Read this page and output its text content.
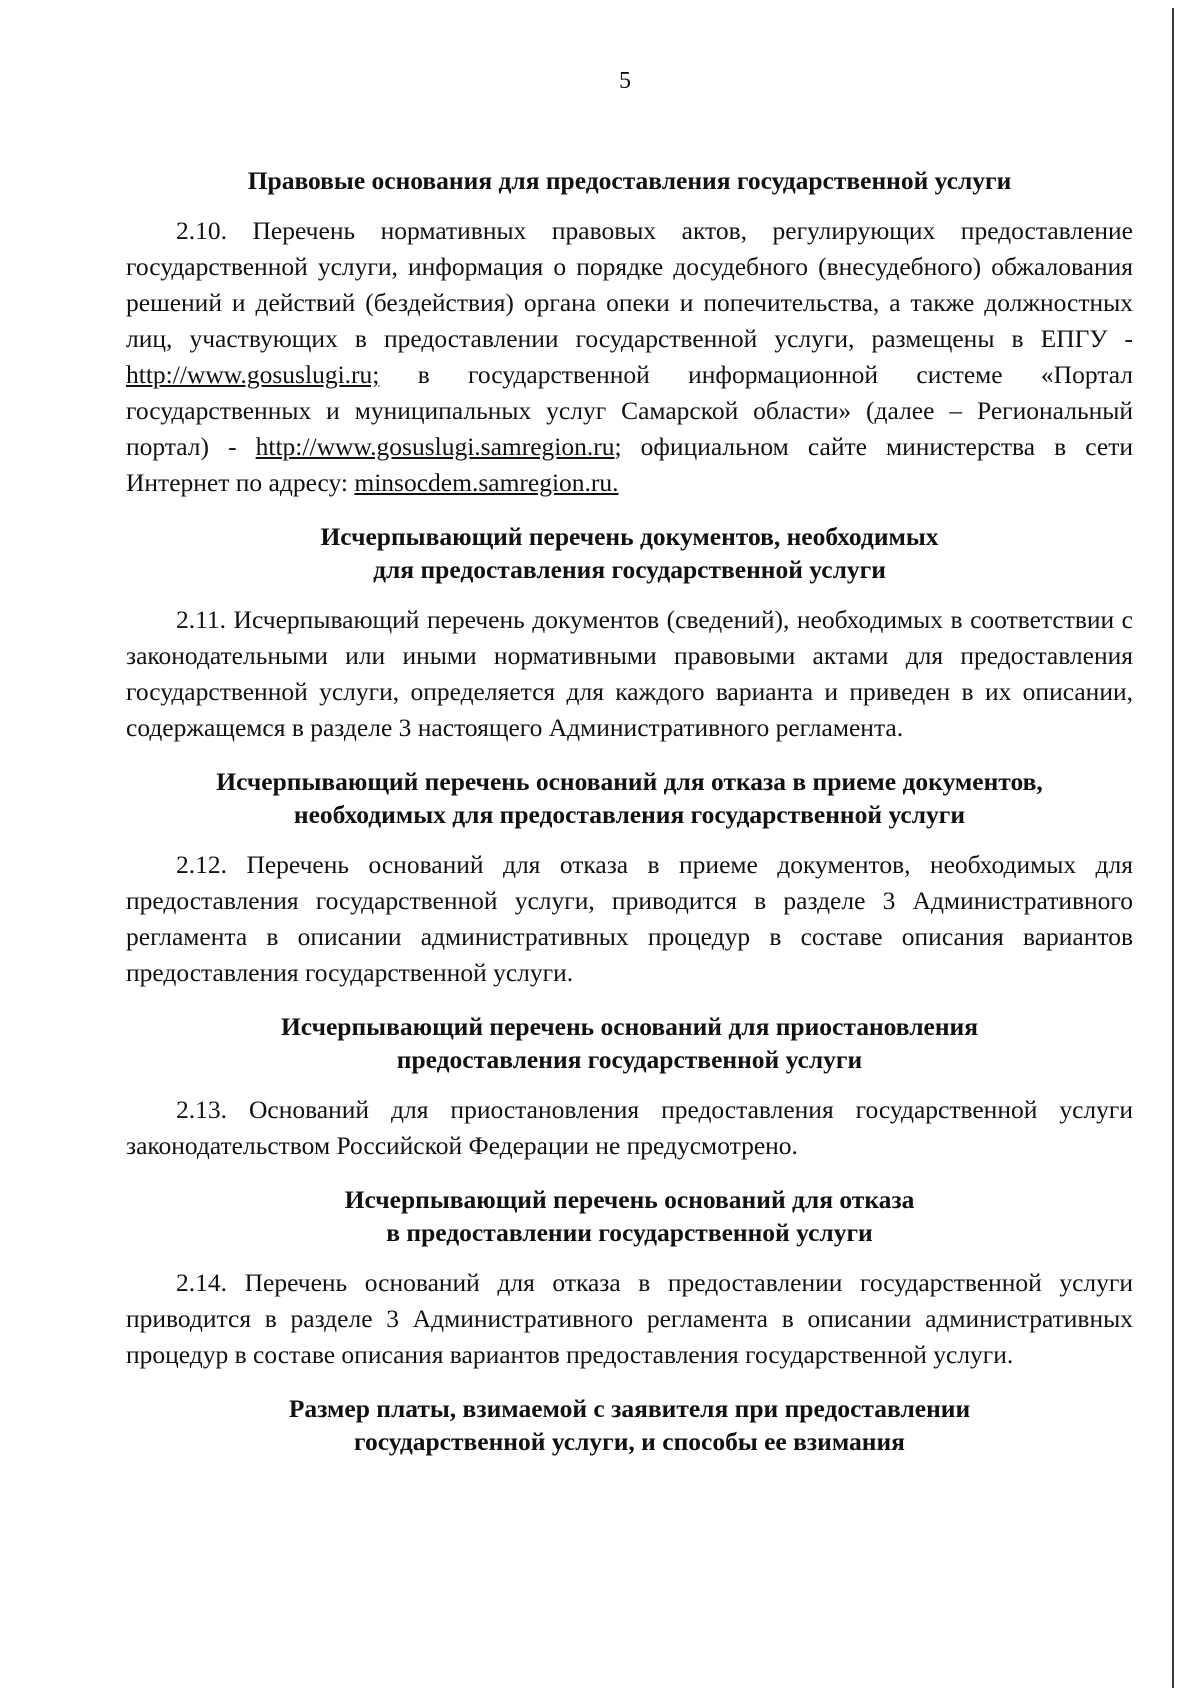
5
Правовые основания для предоставления государственной услуги

2.10. Перечень нормативных правовых актов, регулирующих предоставление государственной услуги, информация о порядке досудебного (внесудебного) обжалования решений и действий (бездействия) органа опеки и попечительства, а также должностных лиц, участвующих в предоставлении государственной услуги, размещены в ЕПГУ - http://www.gosuslugi.ru; в государственной информационной системе «Портал государственных и муниципальных услуг Самарской области» (далее – Региональный портал) - http://www.gosuslugi.samregion.ru; официальном сайте министерства в сети Интернет по адресу: minsocdem.samregion.ru.

Исчерпывающий перечень документов, необходимых
для предоставления государственной услуги

2.11. Исчерпывающий перечень документов (сведений), необходимых в соответствии с законодательными или иными нормативными правовыми актами для предоставления государственной услуги, определяется для каждого варианта и приведен в их описании, содержащемся в разделе 3 настоящего Административного регламента.

Исчерпывающий перечень оснований для отказа в приеме документов,
необходимых для предоставления государственной услуги

2.12. Перечень оснований для отказа в приеме документов, необходимых для предоставления государственной услуги, приводится в разделе 3 Административного регламента в описании административных процедур в составе описания вариантов предоставления государственной услуги.

Исчерпывающий перечень оснований для приостановления
предоставления государственной услуги

2.13. Оснований для приостановления предоставления государственной услуги законодательством Российской Федерации не предусмотрено.

Исчерпывающий перечень оснований для отказа
в предоставлении государственной услуги

2.14. Перечень оснований для отказа в предоставлении государственной услуги приводится в разделе 3 Административного регламента в описании административных процедур в составе описания вариантов предоставления государственной услуги.

Размер платы, взимаемой с заявителя при предоставлении
государственной услуги, и способы ее взимания
